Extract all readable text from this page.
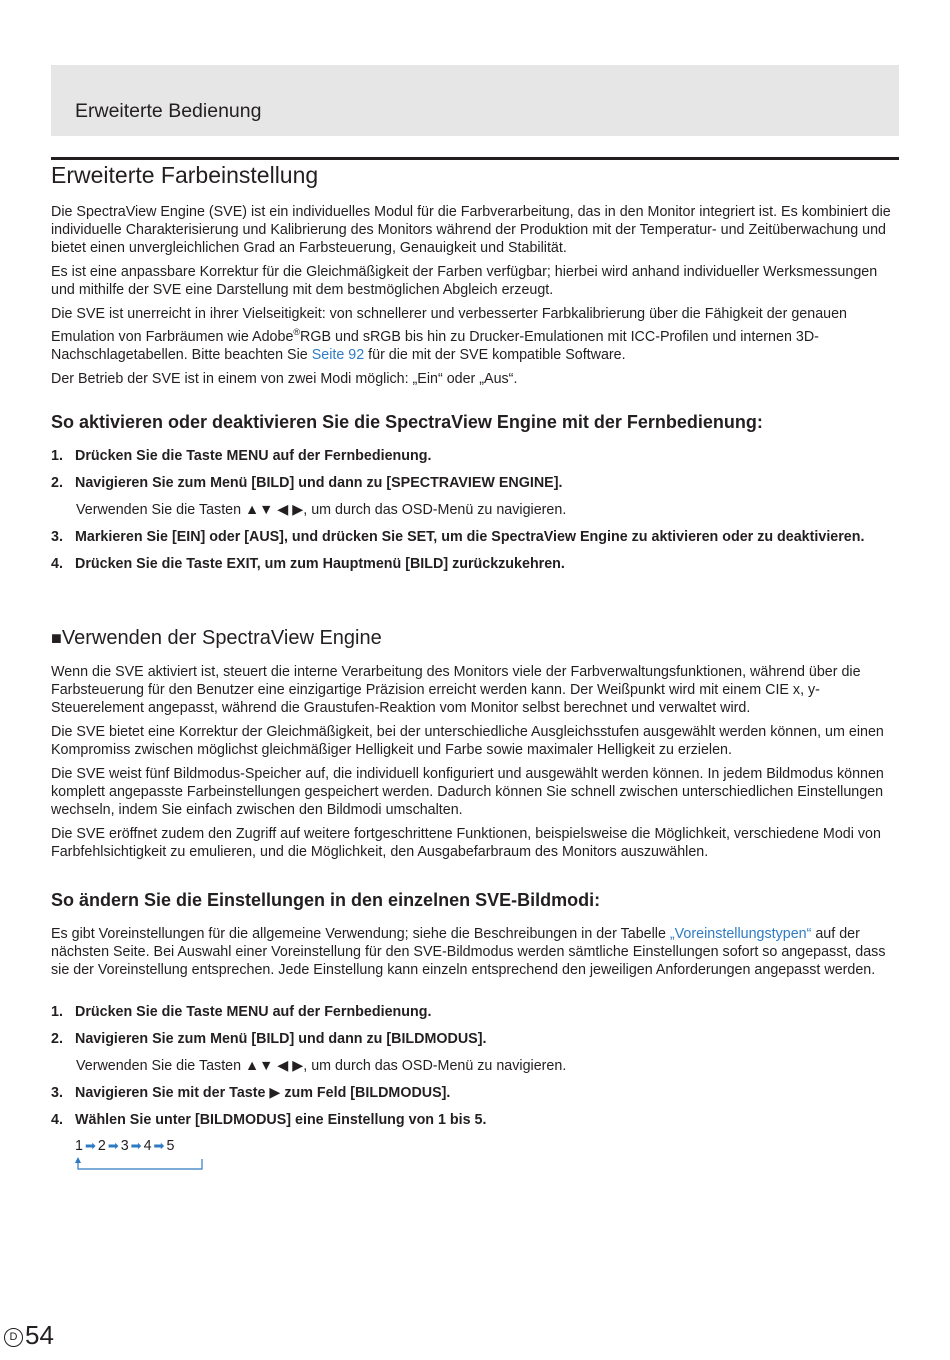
Erweiterte Bedienung
Erweiterte Farbeinstellung

Die SpectraView Engine (SVE) ist ein individuelles Modul für die Farbverarbeitung, das in den Monitor integriert ist. Es kombiniert die individuelle Charakterisierung und Kalibrierung des Monitors während der Produktion mit der Temperatur- und Zeitüberwachung und bietet einen unvergleichlichen Grad an Farbsteuerung, Genauigkeit und Stabilität.

Es ist eine anpassbare Korrektur für die Gleichmäßigkeit der Farben verfügbar; hierbei wird anhand individueller Werksmessungen und mithilfe der SVE eine Darstellung mit dem bestmöglichen Abgleich erzeugt.

Die SVE ist unerreicht in ihrer Vielseitigkeit: von schnellerer und verbesserter Farbkalibrierung über die Fähigkeit der genauen Emulation von Farbräumen wie Adobe®RGB und sRGB bis hin zu Drucker-Emulationen mit ICC-Profilen und internen 3D-Nachschlagetabellen. Bitte beachten Sie Seite 92 für die mit der SVE kompatible Software.

Der Betrieb der SVE ist in einem von zwei Modi möglich: „Ein“ oder „Aus“.

So aktivieren oder deaktivieren Sie die SpectraView Engine mit der Fernbedienung:
1. Drücken Sie die Taste MENU auf der Fernbedienung.
2. Navigieren Sie zum Menü [BILD] und dann zu [SPECTRAVIEW ENGINE].
Verwenden Sie die Tasten ▲▼ ◀ ▶, um durch das OSD-Menü zu navigieren.
3. Markieren Sie [EIN] oder [AUS], und drücken Sie SET, um die SpectraView Engine zu aktivieren oder zu deaktivieren.
4. Drücken Sie die Taste EXIT, um zum Hauptmenü [BILD] zurückzukehren.
■Verwenden der SpectraView Engine

Wenn die SVE aktiviert ist, steuert die interne Verarbeitung des Monitors viele der Farbverwaltungsfunktionen, während über die Farbsteuerung für den Benutzer eine einzigartige Präzision erreicht werden kann. Der Weißpunkt wird mit einem CIE x, y-Steuerelement angepasst, während die Graustufen-Reaktion vom Monitor selbst berechnet und verwaltet wird.

Die SVE bietet eine Korrektur der Gleichmäßigkeit, bei der unterschiedliche Ausgleichsstufen ausgewählt werden können, um einen Kompromiss zwischen möglichst gleichmäßiger Helligkeit und Farbe sowie maximaler Helligkeit zu erzielen.

Die SVE weist fünf Bildmodus-Speicher auf, die individuell konfiguriert und ausgewählt werden können. In jedem Bildmodus können komplett angepasste Farbeinstellungen gespeichert werden. Dadurch können Sie schnell zwischen unterschiedlichen Einstellungen wechseln, indem Sie einfach zwischen den Bildmodi umschalten.

Die SVE eröffnet zudem den Zugriff auf weitere fortgeschrittene Funktionen, beispielsweise die Möglichkeit, verschiedene Modi von Farbfehlsichtigkeit zu emulieren, und die Möglichkeit, den Ausgabefarbraum des Monitors auszuwählen.

So ändern Sie die Einstellungen in den einzelnen SVE-Bildmodi:

Es gibt Voreinstellungen für die allgemeine Verwendung; siehe die Beschreibungen in der Tabelle „Voreinstellungstypen“ auf der nächsten Seite. Bei Auswahl einer Voreinstellung für den SVE-Bildmodus werden sämtliche Einstellungen sofort so angepasst, dass sie der Voreinstellung entsprechen. Jede Einstellung kann einzeln entsprechend den jeweiligen Anforderungen angepasst werden.

1. Drücken Sie die Taste MENU auf der Fernbedienung.
2. Navigieren Sie zum Menü [BILD] und dann zu [BILDMODUS].
Verwenden Sie die Tasten ▲▼ ◀ ▶, um durch das OSD-Menü zu navigieren.
3. Navigieren Sie mit der Taste ▶ zum Feld [BILDMODUS].
4. Wählen Sie unter [BILDMODUS] eine Einstellung von 1 bis 5.
1 ➡ 2 ➡ 3 ➡ 4 ➡ 5
D 54
